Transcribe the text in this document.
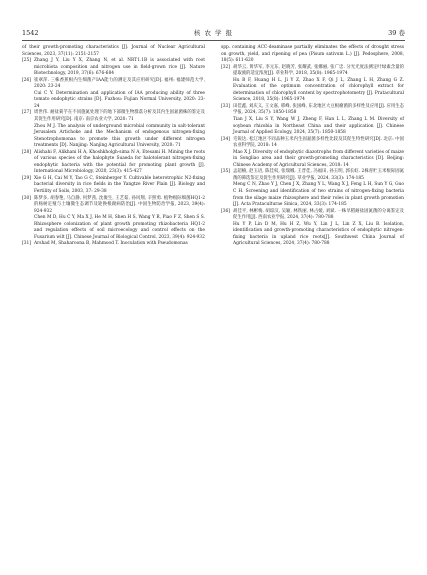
1542	核 农 学 报	39 卷

of their growth-promoting characteristics [J]. Journal of Nuclear Agricultural Sciences, 2023, 37(11): 2151-2157

[25] Zhang J Y, Liu Y X, Zhang N, et al. NRT1.1B is associated with root microbiota composition and nitrogen use in field-grown rice [J]. Nature Biotechnology, 2019, 37(6): 676-684

[26] 崔翠萍. 三株香蕉根内生细菌产IAA能力的测定及其应用研究[D]. 福州: 福建师范大学, 2020: 23-24
Cui C Y. Determination and application of IAA producing ability of three tomato endophytic strains [D]. Fuzhou: Fujian Normal University, 2020: 23-24

[27] 周世伟. 耐盐菊芋在不同施氮处理下的地下部微生物群落分析及其内生固氮菌株的鉴定及其促生作用研究[D]. 南京: 南京农业大学, 2020: 71
Zhou M J. The analysis of underground microbial community in salt-tolerant Jerusalem Artichoke and the Mechanism of endogenous nitrogen-fixing Stenotrophomonas to promote this growth under different nitrogen treatments [D]. Nanjing: Nanjing Agricultural University, 2020: 71

[28] Alishahi F, Alikhani H A, Khoshkholgh-sima N A, Etesami H. Mining the roots of various species of the halophyte Suaeda for halotolerant nitrogen-fixing endophytic bacteria with the potential for promoting plant growth [J]. International Microbiology, 2020, 23(3): 415-427

[29] Xie G H, Cai M Y, Tao G C, Steinberger Y. Cultivable heterotrophic N2-fixing bacterial diversity in rice fields in the Yangtze River Plain [J]. Biology and Fertility of Soils, 2003, 37: 29-38

[30] 陈梦多, 胡春艳, 马自静, 何梦茜, 沈俊生, 王艺茹, 孙风翔, 辛照勇. 植物根际细菌HQ1-2的杨树定殖与土壤微生态调节及轮换根腐病防治[J]. 中国生物防治学报, 2023, 39(4): 924-932
Chen M D, Hu C Y, Ma X J, He M H, Shen H S, Wang Y R, Piao F Z, Shen S S. Rhizosphere colonization of plant growth promoting rhizobacteria HQ1-2 and regulation effects of soil microecology and control effects on the Fusarium wilt [J]. Chinese Journal of Biological Control, 2023, 39(4): 924-932

[31] Arshad M, Shaharoona B, Mahmood T. Inoculation with Pseudomonas

spp. containing ACC-deaminase partially eliminates the effects of drought stress on growth, yield, and ripening of pea (Pisum sativum L.) [J]. Pedosphere, 2008, 18(5): 611-620

[32] 胡华云, 黄华军, 李元东, 赵晓芳, 张耀武, 张娜丽, 张广忠. 分光光度法测定叶绿素含量的提取液的适宜浓度[J]. 草业科学, 2018, 35(8): 1965-1974
Hu B F, Huang H L, Ji Y Z, Zhao X F, Qi J L, Zhang L H, Zhang G Z. Evaluation of the optimum concentration of chlorophyll extract for determination of chlorophyll content by spectrophotometry [J]. Pratacultural Science, 2018, 35(8): 1965-1974

[33] 田佳鑫, 刘庆义, 王文嘉, 邢峰, 张国峰, 东北地区大豆根瘤菌的多样性及应用[J]. 应用生态学报, 2024, 35(7): 1850-1858
Tian J X, Liu S Y, Wang W J, Zheng F, Han L L, Zhang L M. Diversity of soybean rhizobia in Northeast China and their application [J]. Chinese Journal of Applied Ecology, 2024, 35(7): 1850-1858

[34] 毛锐达. 松辽地区不同品种玉米内生固氮菌多样性比较及其促生特性研究[D]. 北京: 中国农业科学院, 2018: 14
Mao X J. Diversity of endophytic diazotrophs from different varieties of maize in Songliao area and their growth-promoting characteristics [D]. Beijing: Chinese Academy of Agricultural Sciences, 2018: 14

[35] 孟超楠, 赵玉语, 陈佳权, 张瑞娜, 王晋佳, 冯福田, 孙玉明, 郭长虹. 2株青贮玉米根际固氮菌的筛选鉴定及促生作用研究[J]. 草业学报, 2024, 33(3): 174-185
Meng C N, Zhao Y J, Chen J X, Zhang Y L, Wang X J, Feng L H, Sun Y G, Guo C H. Screening and identification of two strains of nitrogen-fixing bacteria from the silage maize rhizosphere and their roles in plant growth promotion [J]. Acta Prataculturae Sinica, 2024, 33(3): 174-185

[36] 胡佳平, 林彬梅, 胡琼汉, 吴颖, 林铁丽, 林占媛, 刘斌. 一株旱稻耐盐固氮菌的分离鉴定及促生作用[J]. 西南农业学报, 2024, 37(4): 780-788
Hu Y P, Lin D M, Hu H Z, Wu Y, Lin J L, Lin Z X, Liu B. Isolation, identification and growth-promoting characteristics of endophytic nitrogen-fixing bacteria in upland rice roots[J]. Southwest China Journal of Agricultural Sciences, 2024, 37(4): 780-788
